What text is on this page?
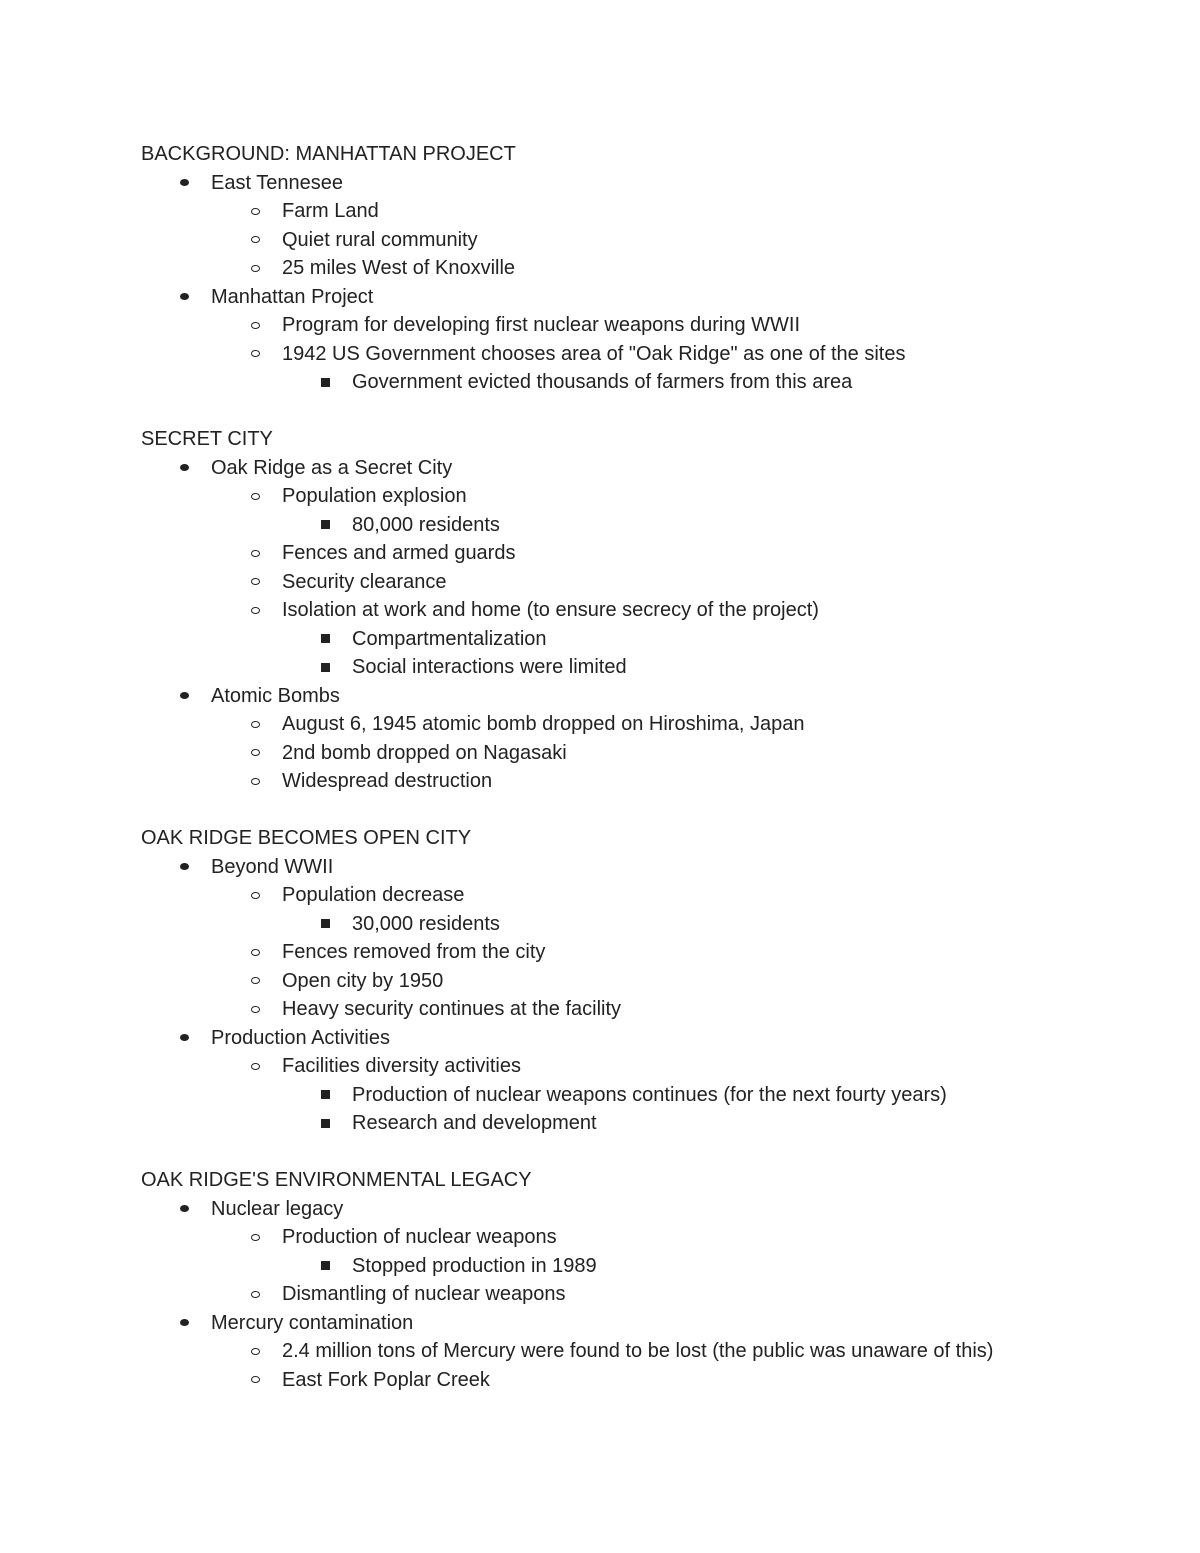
BACKGROUND: MANHATTAN PROJECT
East Tennesee
Farm Land
Quiet rural community
25 miles West of Knoxville
Manhattan Project
Program for developing first nuclear weapons during WWII
1942 US Government chooses area of "Oak Ridge" as one of the sites
Government evicted thousands of farmers from this area
SECRET CITY
Oak Ridge as a Secret City
Population explosion
80,000 residents
Fences and armed guards
Security clearance
Isolation at work and home (to ensure secrecy of the project)
Compartmentalization
Social interactions were limited
Atomic Bombs
August 6, 1945 atomic bomb dropped on Hiroshima, Japan
2nd bomb dropped on Nagasaki
Widespread destruction
OAK RIDGE BECOMES OPEN CITY
Beyond WWII
Population decrease
30,000 residents
Fences removed from the city
Open city by 1950
Heavy security continues at the facility
Production Activities
Facilities diversity activities
Production of nuclear weapons continues (for the next fourty years)
Research and development
OAK RIDGE'S ENVIRONMENTAL LEGACY
Nuclear legacy
Production of nuclear weapons
Stopped production in 1989
Dismantling of nuclear weapons
Mercury contamination
2.4 million tons of Mercury were found to be lost (the public was unaware of this)
East Fork Poplar Creek
